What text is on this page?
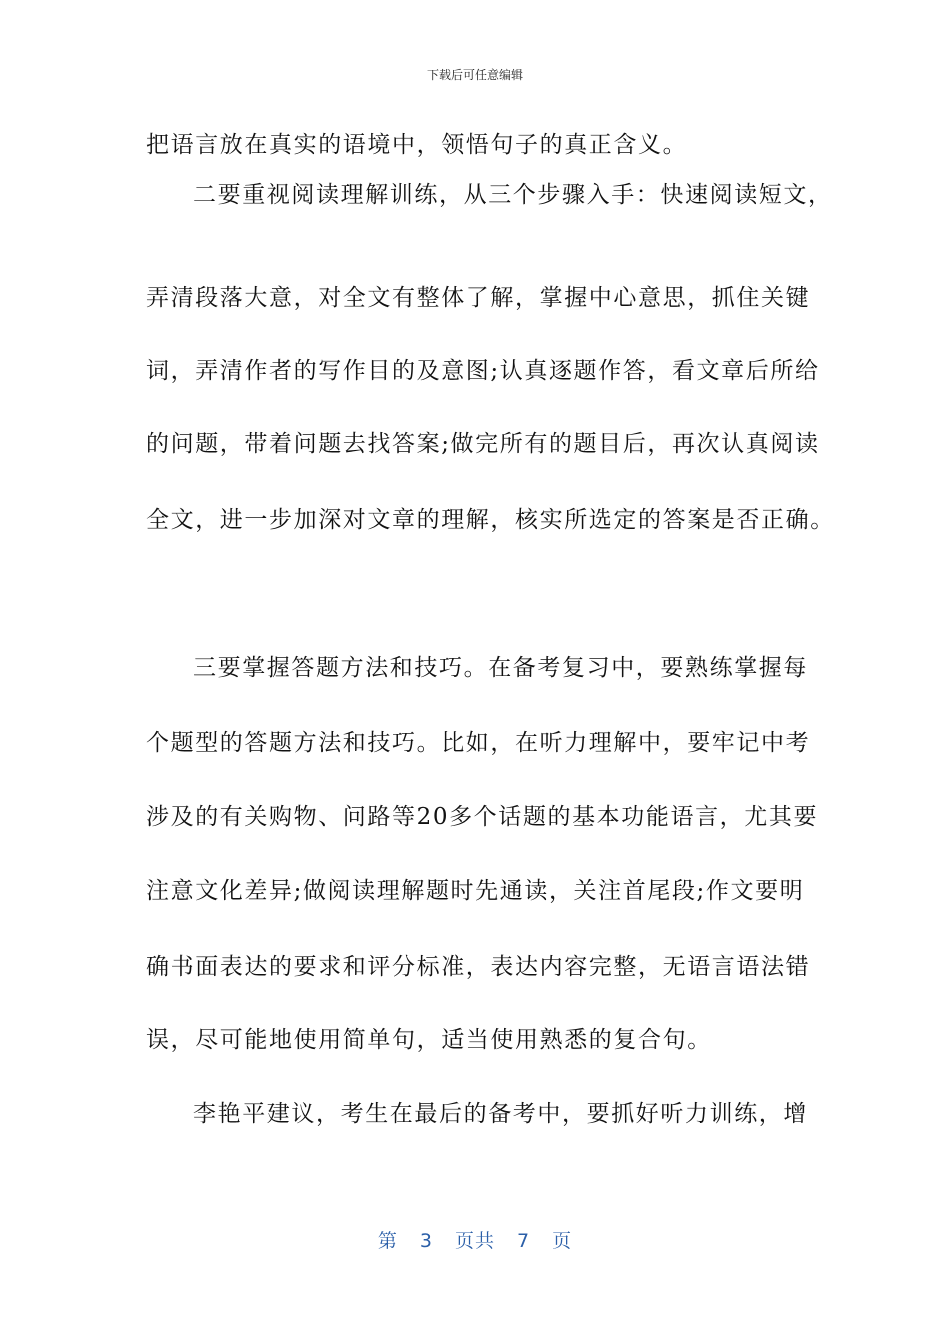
下载后可任意编辑
把语言放在真实的语境中，领悟句子的真正含义。
二要重视阅读理解训练，从三个步骤入手：快速阅读短文，
弄清段落大意，对全文有整体了解，掌握中心意思，抓住关键
词，弄清作者的写作目的及意图;认真逐题作答，看文章后所给
的问题，带着问题去找答案;做完所有的题目后，再次认真阅读
全文，进一步加深对文章的理解，核实所选定的答案是否正确。
三要掌握答题方法和技巧。在备考复习中，要熟练掌握每
个题型的答题方法和技巧。比如，在听力理解中，要牢记中考
涉及的有关购物、问路等20多个话题的基本功能语言，尤其要
注意文化差异;做阅读理解题时先通读，关注首尾段;作文要明
确书面表达的要求和评分标准，表达内容完整，无语言语法错
误，尽可能地使用简单句，适当使用熟悉的复合句。
李艳平建议，考生在最后的备考中，要抓好听力训练，增
第 3 页共 7 页
